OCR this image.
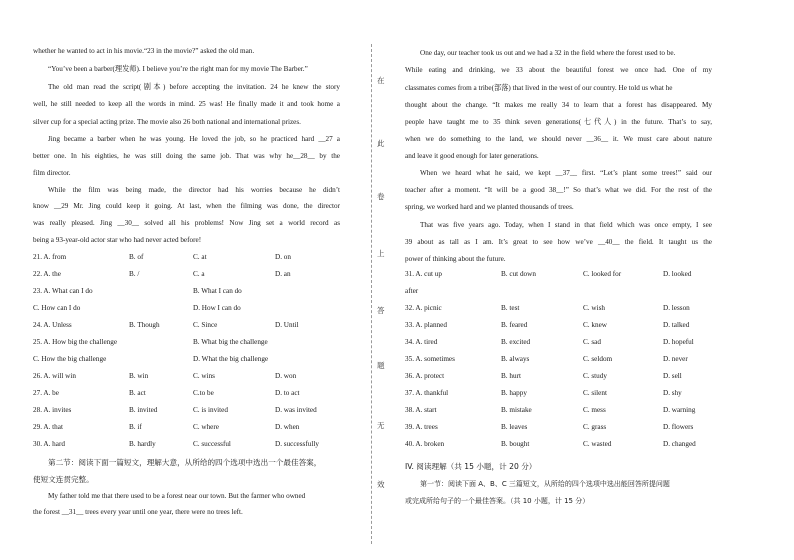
whether he wanted to act in his movie.“23 in the movie?” asked the old man.
“You’ve been a barber(理发师). I believe you’re the right man for my movie The Barber.”
The old man read the script(剧本) before accepting the invitation. 24 he knew the story
well, he still needed to keep all the words in mind. 25 was! He finally made it and took home a
silver cup for a special acting prize. The movie also 26 both national and international prizes.
Jing became a barber when he was young. He loved the job, so he practiced hard __27 a
better one. In his eighties, he was still doing the same job. That was why he__28__ by the
film director.
While the film was being made, the director had his worries because he didn’t
know __29 Mr. Jing could keep it going. At last, when the filming was done, the director
was really pleased. Jing __30__ solved all his problems! Now Jing set a world record as
being a 93-year-old actor star who had never acted before!
21. A. from	B. of	C. at	D. on
22. A. the	B. /	C. a	D. an
23. A. What can I do	B. What I can do
C. How can I do	D. How I can do
24. A. Unless	B. Though	C. Since	D. Until
25. A. How big the challenge	B. What big the challenge
C. How the big challenge	D. What the big challenge
26. A. will win	B. win	C. wins	D. won
27. A. be	B. act	C.to be	D. to act
28. A. invites	B. invited	C. is invited	D. was invited
29. A. that	B. if	C. where	D. when
30. A. hard	B. hardly	C. successful	D. successfully
第二节：阅读下面一篇短文，理解大意，从所给的四个选项中选出一个最佳答案，
使短文连贯完整。
My father told me that there used to be a forest near our town. But the farmer who owned
the forest __31__ trees every year until one year, there were no trees left.
在
此
卷
上
答
题
无
效
One day, our teacher took us out and we had a 32 in the field where the forest used to be.
While eating and drinking, we 33 about the beautiful forest we once had. One of my
classmates comes from a tribe(部落) that lived in the west of our country. He told us what he
thought about the change. “It makes me really 34 to learn that a forest has disappeared. My
people have taught me to 35 think seven generations(七代人) in the future. That’s to say,
when we do something to the land, we should never __36__ it. We must care about nature
and leave it good enough for later generations.
When we heard what he said, we kept __37__ first. “Let’s plant some trees!” said our
teacher after a moment. “It will be a good 38__!” So that’s what we did. For the rest of the
spring, we worked hard and we planted thousands of trees.
That was five years ago. Today, when I stand in that field which was once empty, I see
39 about as tall as I am. It’s great to see how we’ve __40__ the field. It taught us the
power of thinking about the future.
31. A. cut up	B. cut down	C. looked for	D. looked
after
32. A. picnic	B. test	C. wish	D. lesson
33. A. planned	B. feared	C. knew	D. talked
34. A. tired	B. excited	C. sad	D. hopeful
35. A. sometimes	B. always	C. seldom	D. never
36. A. protect	B. hurt	C. study	D. sell
37. A. thankful	B. happy	C. silent	D. shy
38. A. start	B. mistake	C. mess	D. warning
39. A. trees	B. leaves	C. grass	D. flowers
40. A. broken	B. bought	C. wasted	D. changed
IV. 阅读理解（共 15 小题，计 20 分）
第一节：阅读下面 A、B、C 三篇短文，从所给的四个选项中选出能回答所提问题
或完成所给句子的一个最佳答案。（共 10 小题，计 15 分）
